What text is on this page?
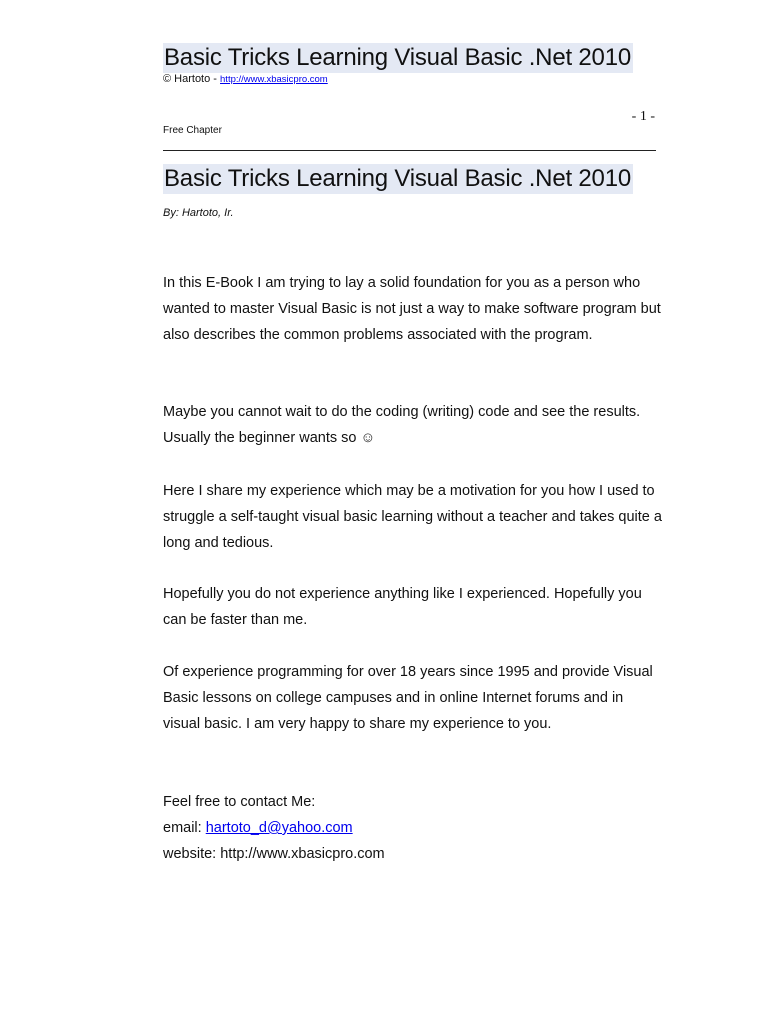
Basic Tricks Learning Visual Basic .Net 2010
© Hartoto - http://www.xbasicpro.com
- 1 -
Free Chapter
Basic Tricks Learning Visual Basic .Net 2010
By: Hartoto, Ir.

In this E-Book I am trying to lay a solid foundation for you as a person who wanted to master Visual Basic is not just a way to make software program but also describes the common problems associated with the program.

Maybe you cannot wait to do the coding (writing) code and see the results. Usually the beginner wants so ☺

Here I share my experience which may be a motivation for you how I used to struggle a self-taught visual basic learning without a teacher and takes quite a long and tedious.

Hopefully you do not experience anything like I experienced. Hopefully you can be faster than me.

Of experience programming for over 18 years since 1995 and provide Visual Basic lessons on college campuses and in online Internet forums and in visual basic. I am very happy to share my experience to you.

Feel free to contact Me:
email: hartoto_d@yahoo.com
website: http://www.xbasicpro.com
